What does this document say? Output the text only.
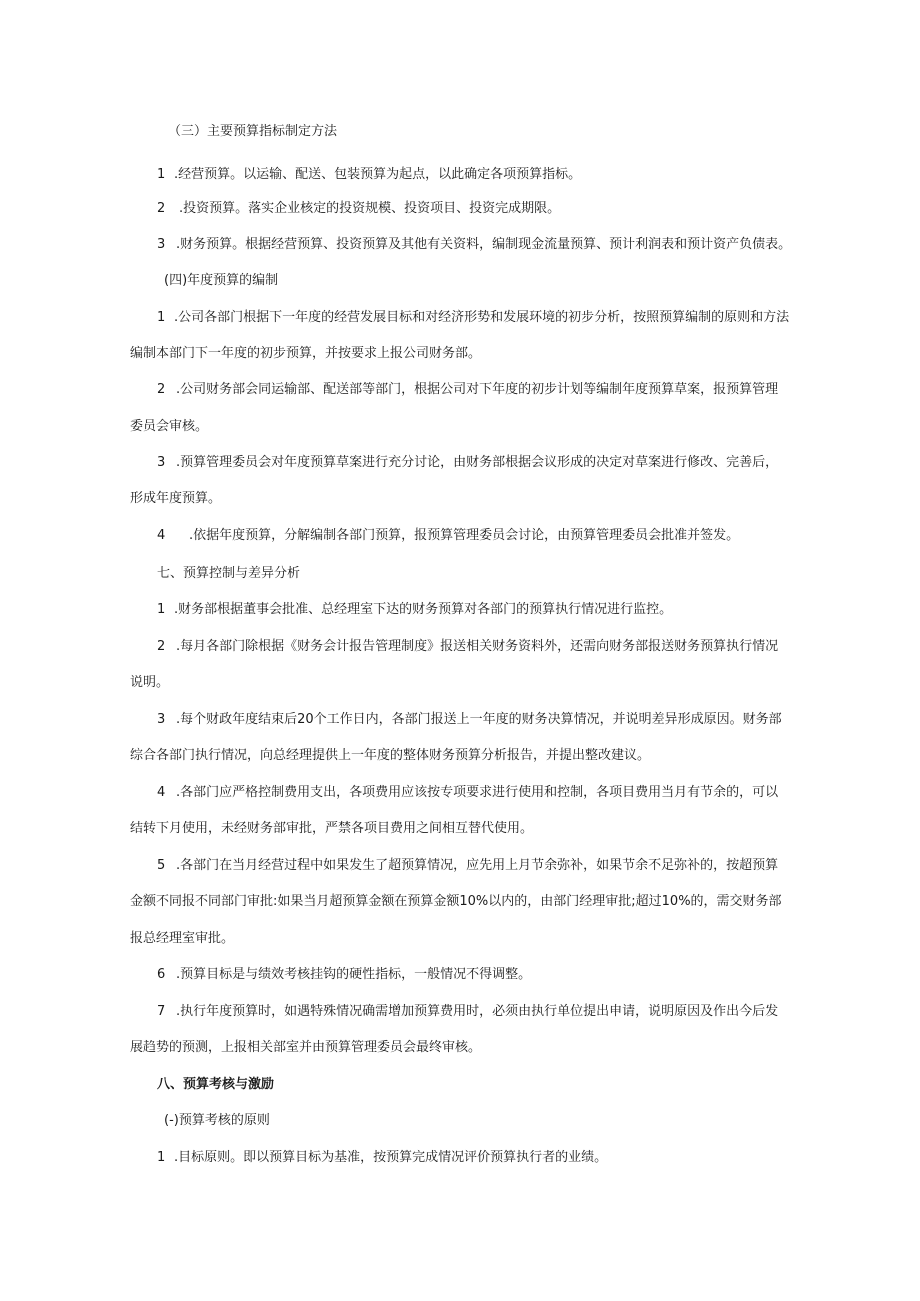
（三）主要预算指标制定方法
1 .经营预算。以运输、配送、包装预算为起点，以此确定各项预算指标。
2 .投资预算。落实企业核定的投资规模、投资项目、投资完成期限。
3 .财务预算。根据经营预算、投资预算及其他有关资料，编制现金流量预算、预计利润表和预计资产负债表。
(四)年度预算的编制
1 .公司各部门根据下一年度的经营发展目标和对经济形势和发展环境的初步分析，按照预算编制的原则和方法
编制本部门下一年度的初步预算，并按要求上报公司财务部。
2 .公司财务部会同运输部、配送部等部门，根据公司对下年度的初步计划等编制年度预算草案，报预算管理
委员会审核。
3 .预算管理委员会对年度预算草案进行充分讨论，由财务部根据会议形成的决定对草案进行修改、完善后，
形成年度预算。
4 .依据年度预算，分解编制各部门预算，报预算管理委员会讨论，由预算管理委员会批准并签发。
七、预算控制与差异分析
1 .财务部根据董事会批准、总经理室下达的财务预算对各部门的预算执行情况进行监控。
2 .每月各部门除根据《财务会计报告管理制度》报送相关财务资料外，还需向财务部报送财务预算执行情况
说明。
3 .每个财政年度结束后20个工作日内，各部门报送上一年度的财务决算情况，并说明差异形成原因。财务部
综合各部门执行情况，向总经理提供上一年度的整体财务预算分析报告，并提出整改建议。
4 .各部门应严格控制费用支出，各项费用应该按专项要求进行使用和控制，各项目费用当月有节余的，可以
结转下月使用，未经财务部审批，严禁各项目费用之间相互替代使用。
5 .各部门在当月经营过程中如果发生了超预算情况，应先用上月节余弥补，如果节余不足弥补的，按超预算
金额不同报不同部门审批:如果当月超预算金额在预算金额10%以内的，由部门经理审批;超过10%的，需交财务部
报总经理室审批。
6 .预算目标是与绩效考核挂钩的硬性指标，一般情况不得调整。
7 .执行年度预算时，如遇特殊情况确需增加预算费用时，必须由执行单位提出申请，说明原因及作出今后发
展趋势的预测，上报相关部室并由预算管理委员会最终审核。
八、预算考核与激励
(-)预算考核的原则
1 .目标原则。即以预算目标为基准，按预算完成情况评价预算执行者的业绩。
